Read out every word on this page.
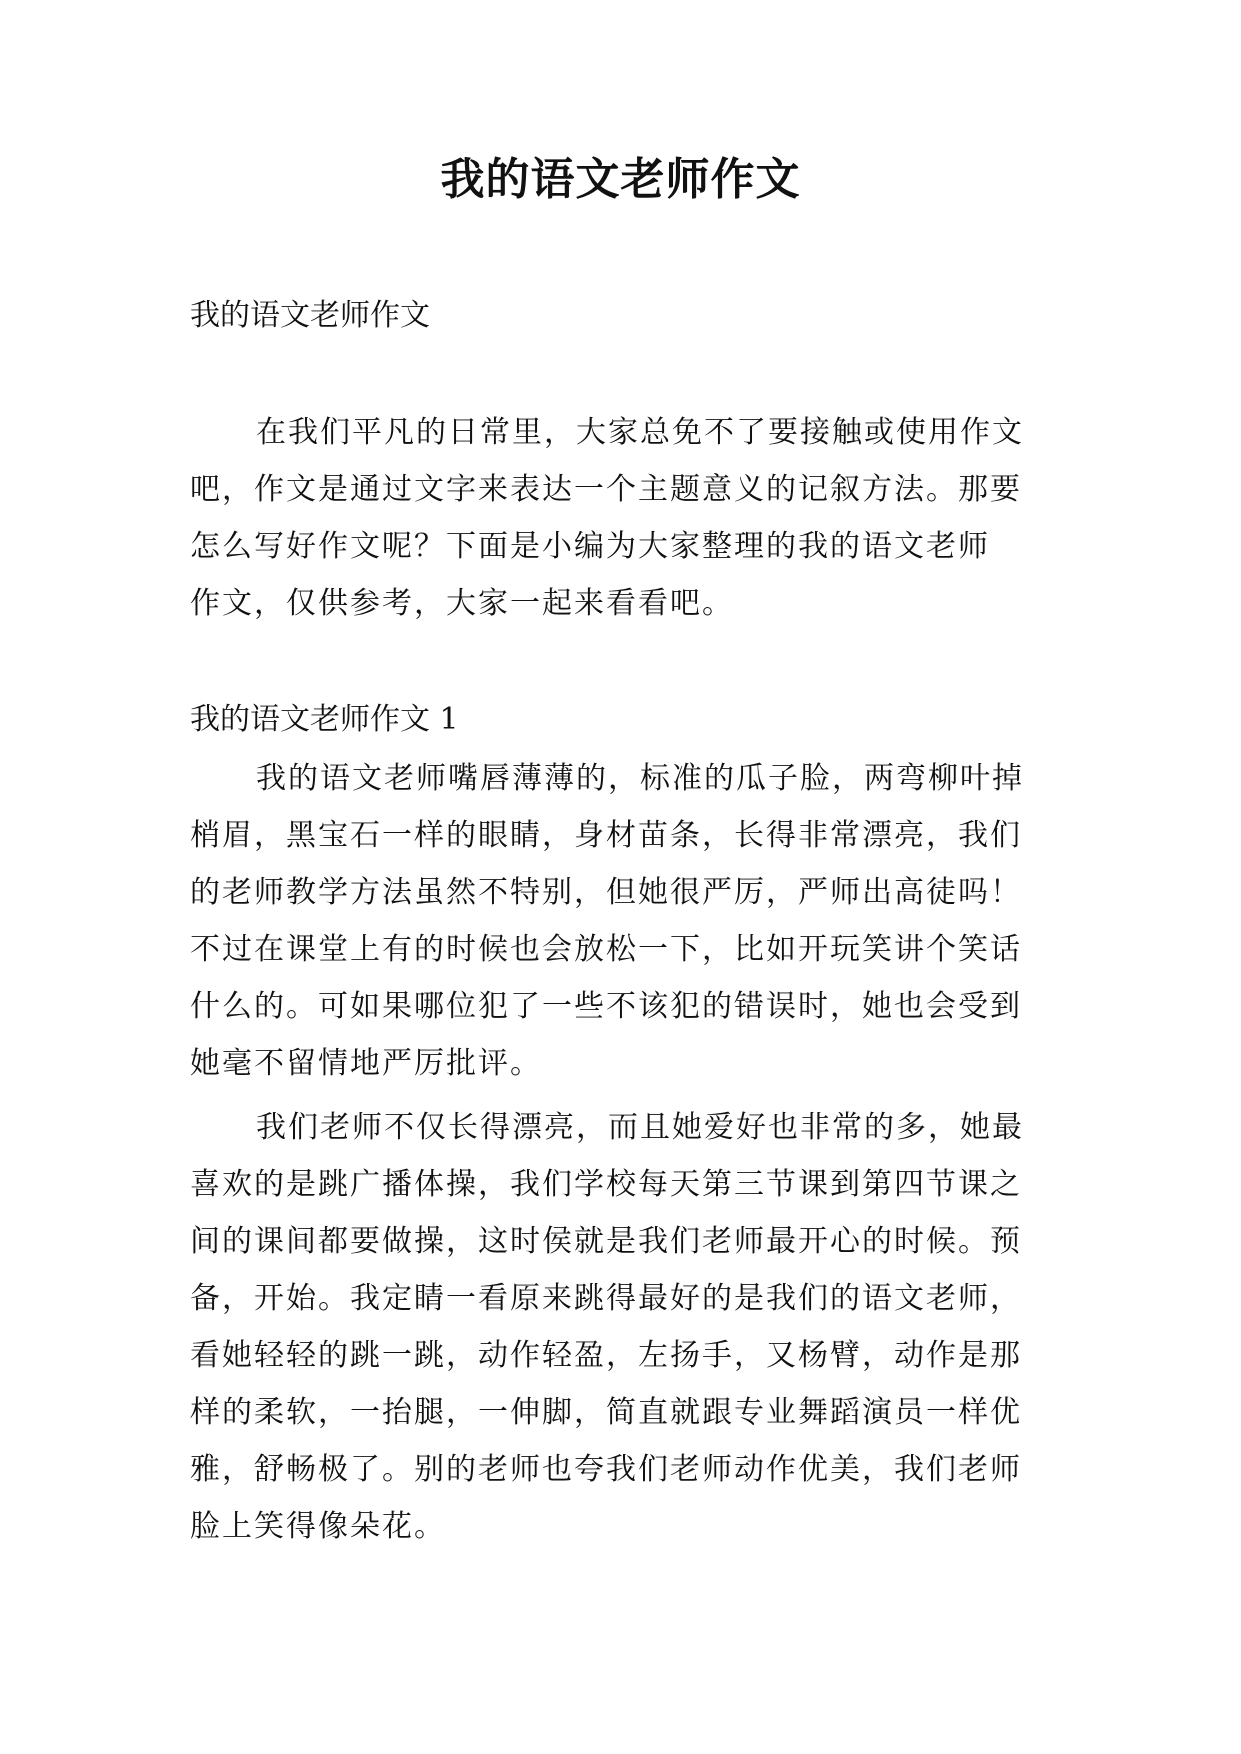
我的语文老师作文
我的语文老师作文
在我们平凡的日常里，大家总免不了要接触或使用作文
吧，作文是通过文字来表达一个主题意义的记叙方法。那要
怎么写好作文呢？下面是小编为大家整理的我的语文老师
作文，仅供参考，大家一起来看看吧。
我的语文老师作文 1
我的语文老师嘴唇薄薄的，标准的瓜子脸，两弯柳叶掉
梢眉，黑宝石一样的眼睛，身材苗条，长得非常漂亮，我们
的老师教学方法虽然不特别，但她很严厉，严师出高徒吗！
不过在课堂上有的时候也会放松一下，比如开玩笑讲个笑话
什么的。可如果哪位犯了一些不该犯的错误时，她也会受到
她毫不留情地严厉批评。
我们老师不仅长得漂亮，而且她爱好也非常的多，她最
喜欢的是跳广播体操，我们学校每天第三节课到第四节课之
间的课间都要做操，这时侯就是我们老师最开心的时候。预
备，开始。我定睛一看原来跳得最好的是我们的语文老师，
看她轻轻的跳一跳，动作轻盈，左扬手，又杨臂，动作是那
样的柔软，一抬腿，一伸脚，简直就跟专业舞蹈演员一样优
雅，舒畅极了。别的老师也夸我们老师动作优美，我们老师
脸上笑得像朵花。
